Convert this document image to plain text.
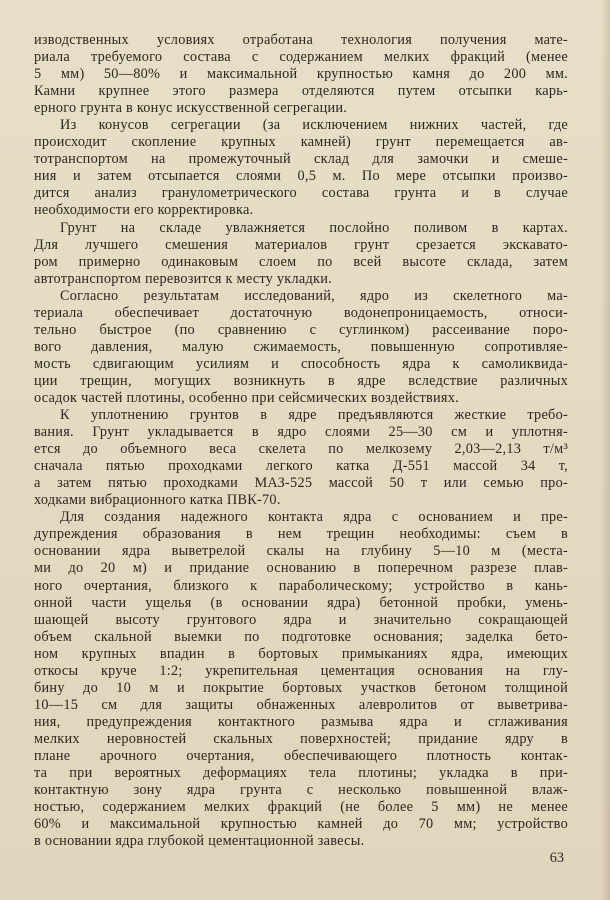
изводственных условиях отработана технология получения мате-
риала требуемого состава с содержанием мелких фракций (менее
5 мм) 50—80% и максимальной крупностью камня до 200 мм.
Камни крупнее этого размера отделяются путем отсыпки карь-
ерного грунта в конус искусственной сегрегации.
Из конусов сегрегации (за исключением нижних частей, где
происходит скопление крупных камней) грунт перемещается ав-
тотранспортом на промежуточный склад для замочки и смеше-
ния и затем отсыпается слоями 0,5 м. По мере отсыпки произво-
дится анализ гранулометрического состава грунта и в случае
необходимости его корректировка.
Грунт на складе увлажняется послойно поливом в картах.
Для лучшего смешения материалов грунт срезается экскавато-
ром примерно одинаковым слоем по всей высоте склада, затем
автотранспортом перевозится к месту укладки.
Согласно результатам исследований, ядро из скелетного ма-
териала обеспечивает достаточную водонепроницаемость, относи-
тельно быстрое (по сравнению с суглинком) рассеивание поро-
вого давления, малую сжимаемость, повышенную сопротивляе-
мость сдвигающим усилиям и способность ядра к самоликвида-
ции трещин, могущих возникнуть в ядре вследствие различных
осадок частей плотины, особенно при сейсмических воздействиях.
К уплотнению грунтов в ядре предъявляются жесткие требо-
вания. Грунт укладывается в ядро слоями 25—30 см и уплотня-
ется до объемного веса скелета по мелкозему 2,03—2,13 т/м³
сначала пятью проходками легкого катка Д-551 массой 34 т,
а затем пятью проходками МАЗ-525 массой 50 т или семью про-
ходками вибрационного катка ПВК-70.
Для создания надежного контакта ядра с основанием и пре-
дупреждения образования в нем трещин необходимы: съем в
основании ядра выветрелой скалы на глубину 5—10 м (места-
ми до 20 м) и придание основанию в поперечном разрезе плав-
ного очертания, близкого к параболическому; устройство в кань-
онной части ущелья (в основании ядра) бетонной пробки, умень-
шающей высоту грунтового ядра и значительно сокращающей
объем скальной выемки по подготовке основания; заделка бето-
ном крупных впадин в бортовых примыканиях ядра, имеющих
откосы круче 1:2; укрепительная цементация основания на глу-
бину до 10 м и покрытие бортовых участков бетоном толщиной
10—15 см для защиты обнаженных алевролитов от выветрива-
ния, предупреждения контактного размыва ядра и сглаживания
мелких неровностей скальных поверхностей; придание ядру в
плане арочного очертания, обеспечивающего плотность контак-
та при вероятных деформациях тела плотины; укладка в при-
контактную зону ядра грунта с несколько повышенной влаж-
ностью, содержанием мелких фракций (не более 5 мм) не менее
60% и максимальной крупностью камней до 70 мм; устройство
в основании ядра глубокой цементационной завесы.
63
